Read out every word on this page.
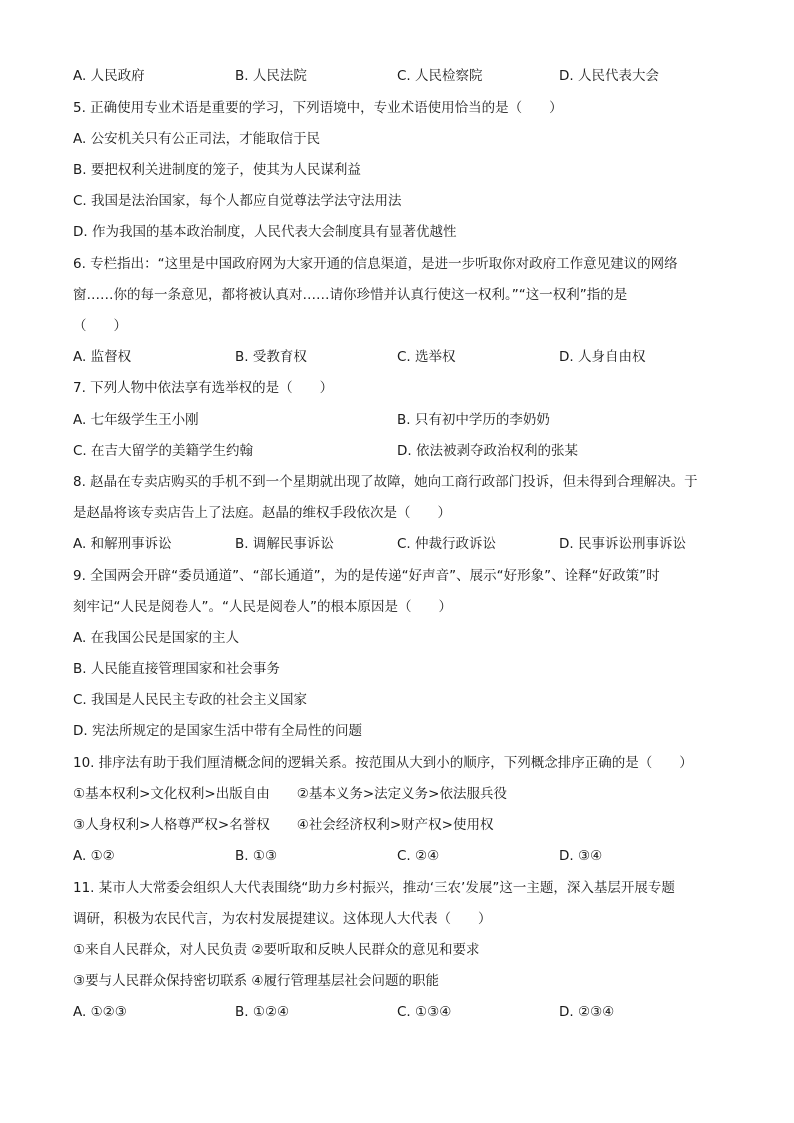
A. 人民政府	B. 人民法院	C. 人民检察院	D. 人民代表大会
5. 正确使用专业术语是重要的学习，下列语境中，专业术语使用恰当的是（　　）
A. 公安机关只有公正司法，才能取信于民
B. 要把权利关进制度的笼子，使其为人民谋利益
C. 我国是法治国家，每个人都应自觉尊法学法守法用法
D. 作为我国的基本政治制度，人民代表大会制度具有显著优越性
6. 专栏指出：“这里是中国政府网为大家开通的信息渠道，是进一步听取你对政府工作意见建议的网络
窗……你的每一条意见，都将被认真对……请你珍惜并认真行使这一权利。”“这一权利”指的是
（　　）
A. 监督权	B. 受教育权	C. 选举权	D. 人身自由权
7. 下列人物中依法享有选举权的是（　　）
A. 七年级学生王小刚	B. 只有初中学历的李奶奶
C. 在吉大留学的美籍学生约翰	D. 依法被剥夺政治权利的张某
8. 赵晶在专卖店购买的手机不到一个星期就出现了故障，她向工商行政部门投诉，但未得到合理解决。于
是赵晶将该专卖店告上了法庭。赵晶的维权手段依次是（　　）
A. 和解刑事诉讼	B. 调解民事诉讼	C. 仲裁行政诉讼	D. 民事诉讼刑事诉讼
9. 全国两会开辟“委员通道”、“部长通道”，为的是传递“好声音”、展示“好形象”、诠释“好政策”时
刻牢记“人民是阅卷人”。“人民是阅卷人”的根本原因是（　　）
A. 在我国公民是国家的主人
B. 人民能直接管理国家和社会事务
C. 我国是人民民主专政的社会主义国家
D. 宪法所规定的是国家生活中带有全局性的问题
10. 排序法有助于我们厘清概念间的逻辑关系。按范围从大到小的顺序，下列概念排序正确的是（　　）
①基本权利>文化权利>出版自由　　②基本义务>法定义务>依法服兵役
③人身权利>人格尊严权>名誉权　　④社会经济权利>财产权>使用权
A. ①②	B. ①③	C. ②④	D. ③④
11. 某市人大常委会组织人大代表围绕“助力乡村振兴，推动‘三农’发展”这一主题，深入基层开展专题
调研，积极为农民代言，为农村发展提建议。这体现人大代表（　　）
①来自人民群众，对人民负责 ②要听取和反映人民群众的意见和要求
③要与人民群众保持密切联系 ④履行管理基层社会问题的职能
A. ①②③	B. ①②④	C. ①③④	D. ②③④
